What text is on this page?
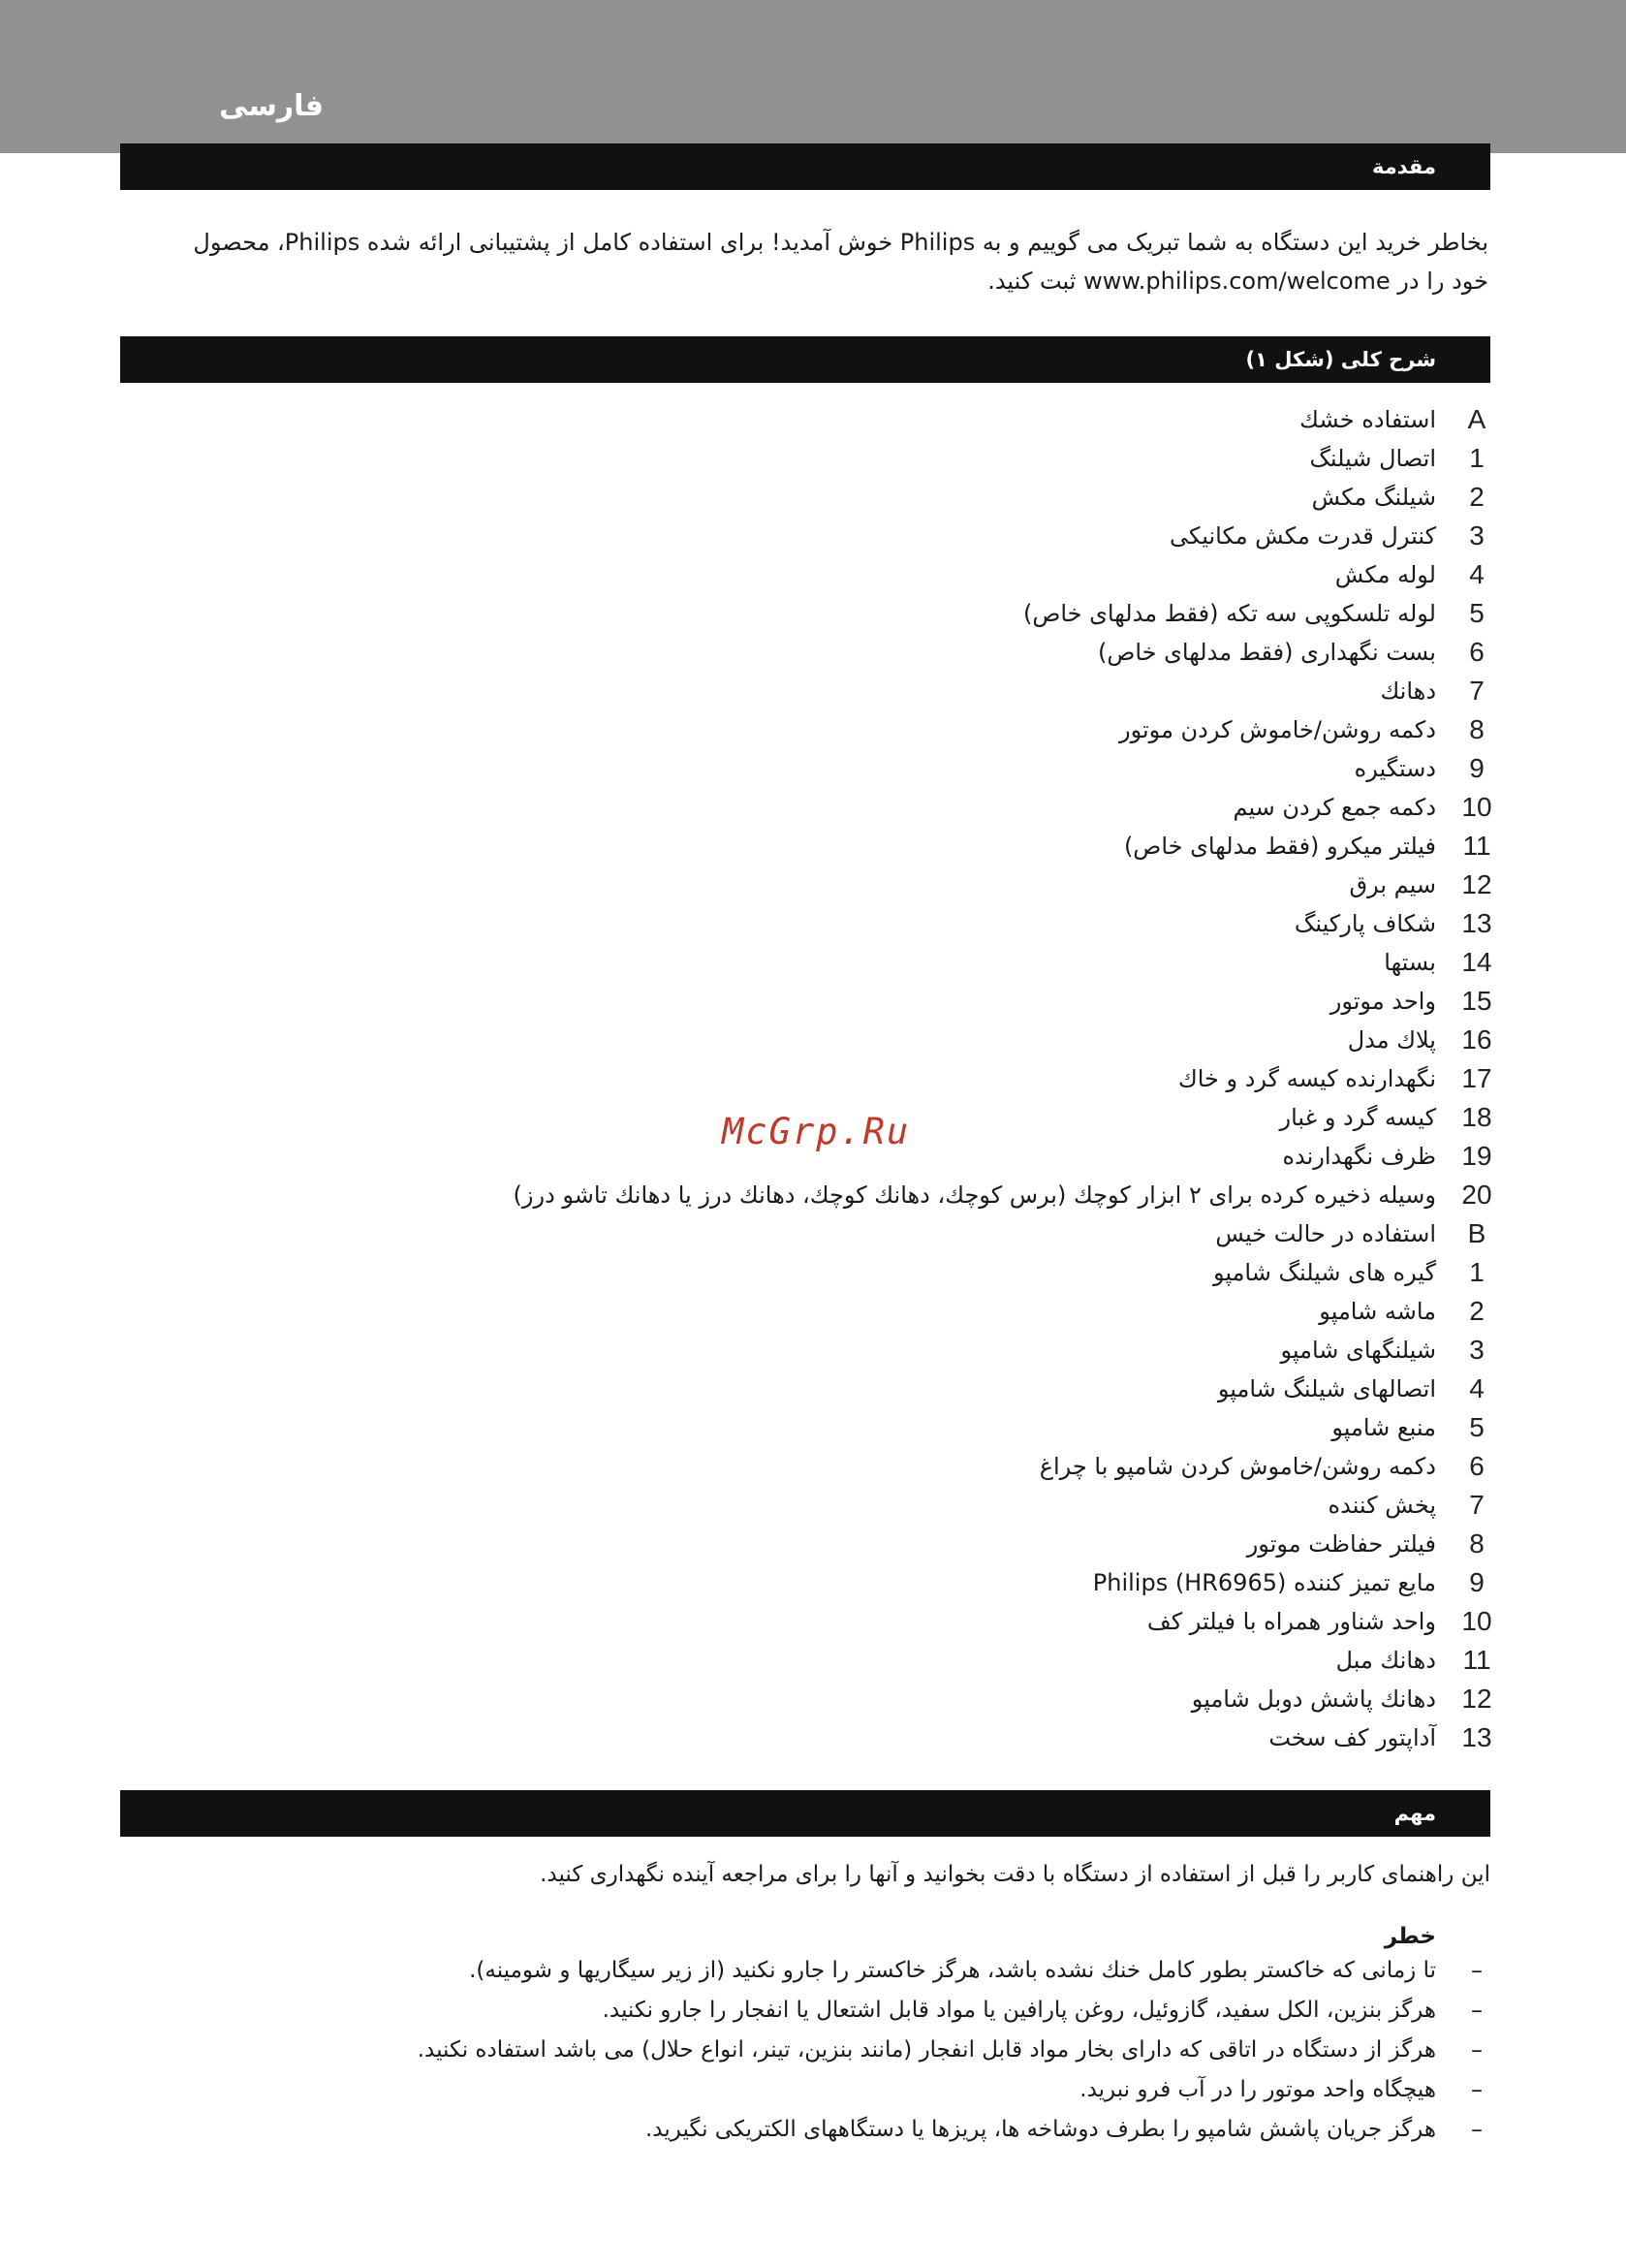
فارسی
مقدمة

بخاطر خرید این دستگاه به شما تبریک می گوییم و به Philips خوش آمدید! برای استفاده کامل از پشتیبانی ارائه شده Philips، محصول

خود را در www.philips.com/welcome ثبت کنید.

شرح کلی (شکل ۱)
A
استفاده خشك
1
اتصال شیلنگ
2
شیلنگ مکش
3
کنترل قدرت مکش مکانیکی
4
لوله مکش
5
لوله تلسکوپی سه تکه (فقط مدلهای خاص)
6
بست نگهداری (فقط مدلهای خاص)
7
دهانك
8
دکمه روشن/خاموش کردن موتور
9
دستگیره
10
دکمه جمع کردن سیم
11
فیلتر میکرو (فقط مدلهای خاص)
12
سیم برق
13
شکاف پارکینگ
14
بستها
15
واحد موتور
16
پلاك مدل
17
نگهدارنده کیسه گرد و خاك
18
کیسه گرد و غبار
19
ظرف نگهدارنده
20
وسیله ذخیره کرده برای ۲ ابزار کوچك (برس کوچك، دهانك کوچك، دهانك درز یا دهانك تاشو درز)
B
استفاده در حالت خیس
1
گیره های شیلنگ شامپو
2
ماشه شامپو
3
شیلنگهای شامپو
4
اتصالهای شیلنگ شامپو
5
منبع شامپو
6
دکمه روشن/خاموش کردن شامپو با چراغ
7
پخش کننده
8
فیلتر حفاظت موتور
9
مایع تمیز کننده Philips (HR6965)
10
واحد شناور همراه با فیلتر کف
11
دهانك مبل
12
دهانك پاشش دوبل شامپو
13
آداپتور کف سخت
مهم
این راهنمای کاربر را قبل از استفاده از دستگاه با دقت بخوانید و آنها را برای مراجعه آینده نگهداری کنید.
خطر
–
تا زمانی که خاکستر بطور کامل خنك نشده باشد، هرگز خاکستر را جارو نکنید (از زیر سیگاریها و شومینه).
–
هرگز بنزین، الکل سفید، گازوئیل، روغن پارافین یا مواد قابل اشتعال یا انفجار را جارو نکنید.
–
هرگز از دستگاه در اتاقی که دارای بخار مواد قابل انفجار (مانند بنزین، تینر، انواع حلال) می باشد استفاده نکنید.
–
هیچگاه واحد موتور را در آب فرو نبرید.
–
هرگز جریان پاشش شامپو را بطرف دوشاخه ها، پریزها یا دستگاههای الکتریکی نگیرید.
McGrp.Ru
